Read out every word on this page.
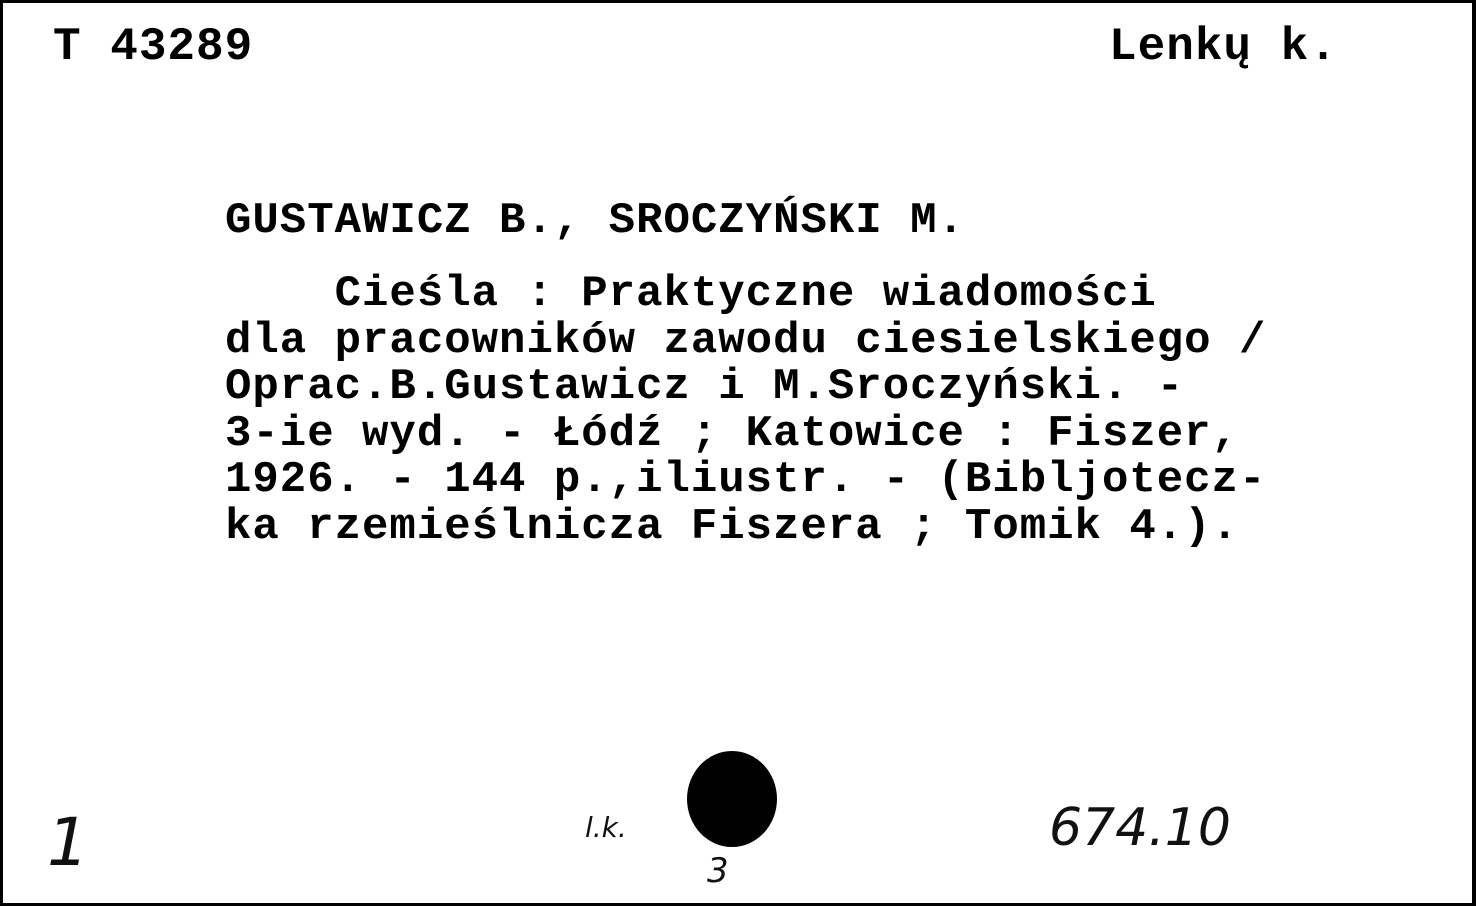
T 43289	Lenkų k.
GUSTAWICZ B., SROCZYŃSKI M.
Cieśla : Praktyczne wiadomości
dla pracowników zawodu ciesielskiego /
Oprac.B.Gustawicz i M.Sroczyński. -
3-ie wyd. - Łódź ; Katowice : Fiszer,
1926. - 144 p.,iliustr. - (Bibljotecz-
ka rzemieślnicza Fiszera ; Tomik 4.).
1	l.k.
3
674.10
